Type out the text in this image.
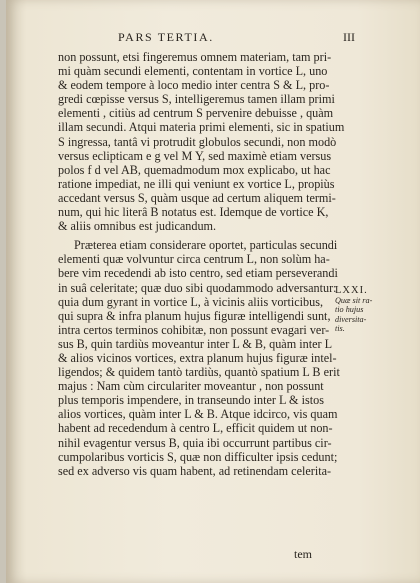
PARS TERTIA.	III
non possunt, etsi fingeremus omnem materiam, tam pri-
mi quàm secundi elementi, contentam in vortice L, uno
& eodem tempore à loco medio inter centra S & L, pro-
gredi cœpisse versus S, intelligeremus tamen illam primi
elementi , citiùs ad centrum S pervenire debuisse , quàm
illam secundi. Atqui materia primi elementi, sic in spatium
S ingressa, tantâ vi protrudit globulos secundi, non modò
versus eclipticam e g vel M Y, sed maximè etiam versus
polos f d vel AB, quemadmodum mox explicabo, ut hac
ratione impediat, ne illi qui veniunt ex vortice L, propiùs
accedant versus S, quàm usque ad certum aliquem termi-
num, qui hic literâ B notatus est. Idemque de vortice K,
& aliis omnibus est judicandum.
Præterea etiam considerare oportet, particulas secundi
elementi quæ volvuntur circa centrum L, non solùm ha-
bere vim recedendi ab isto centro, sed etiam perseverandi
in suâ celeritate; quæ duo sibi quodammodo adversantur:
quia dum gyrant in vortice L, à vicinis aliis vorticibus,
qui supra & infra planum hujus figuræ intelligendi sunt,
intra certos terminos cohibitæ, non possunt evagari ver-
sus B, quin tardiùs moveantur inter L & B, quàm inter L
& alios vicinos vortices, extra planum hujus figuræ intel-
ligendos; & quidem tantò tardiùs, quantò spatium L B erit
majus : Nam cùm circulariter moveantur , non possunt
plus temporis impendere, in transeundo inter L & istos
alios vortices, quàm inter L & B. Atque idcirco, vis quam
habent ad recedendum à centro L, efficit quidem ut non-
nihil evagentur versus B, quia ibi occurrunt partibus cir-
cumpolaribus vorticis S, quæ non difficulter ipsis cedunt;
sed ex adverso vis quam habent, ad retinendam celerita-
LXXI.
Quæ sit ra-
tio hujus
diversita-
tis.
tem
